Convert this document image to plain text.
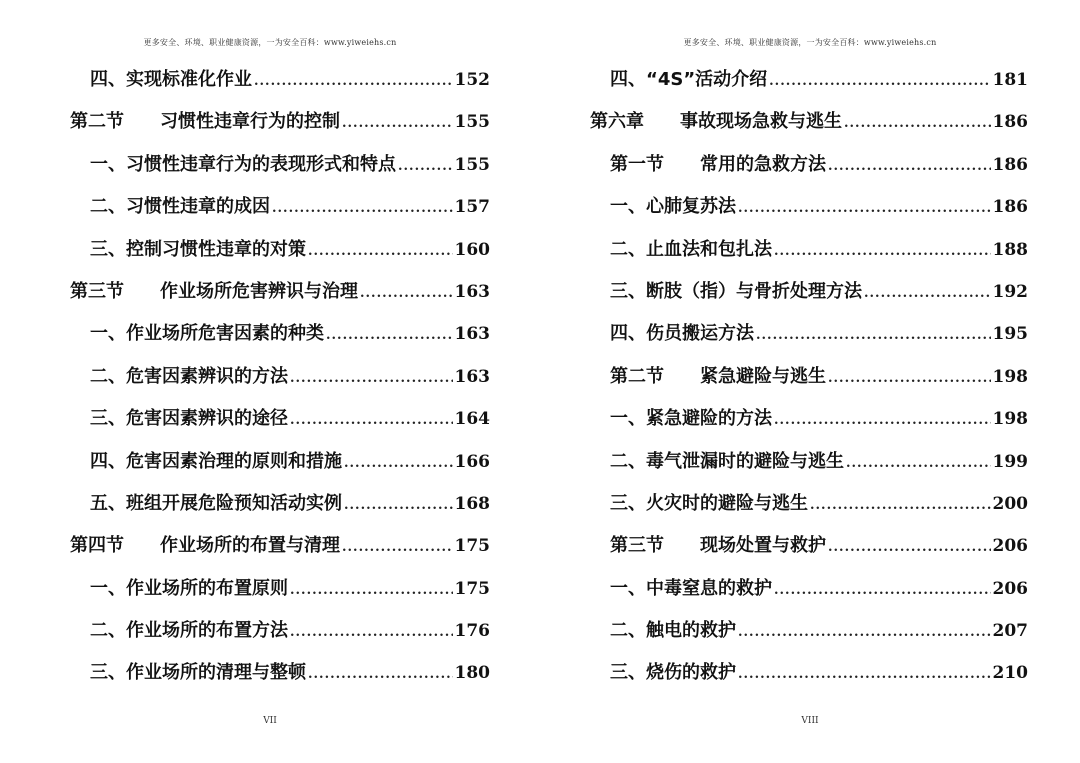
更多安全、环境、职业健康资源，一为安全百科：www.yiweiehs.cn
四、实现标准化作业 .....	152
第二节 习惯性违章行为的控制 .....	155
一、习惯性违章行为的表现形式和特点 .....	155
二、习惯性违章的成因 .....	157
三、控制习惯性违章的对策 .....	160
第三节 作业场所危害辨识与治理 .....	163
一、作业场所危害因素的种类 .....	163
二、危害因素辨识的方法 .....	163
三、危害因素辨识的途径 .....	164
四、危害因素治理的原则和措施 .....	166
五、班组开展危险预知活动实例 .....	168
第四节 作业场所的布置与清理 .....	175
一、作业场所的布置原则 .....	175
二、作业场所的布置方法 .....	176
三、作业场所的清理与整顿 .....	180
VII
更多安全、环境、职业健康资源，一为安全百科：www.yiweiehs.cn
四、“4S”活动介绍 .....	181
第六章 事故现场急救与逃生 .....	186
第一节 常用的急救方法 .....	186
一、心肺复苏法 .....	186
二、止血法和包扎法 .....	188
三、断肢（指）与骨折处理方法 .....	192
四、伤员搬运方法 .....	195
第二节 紧急避险与逃生 .....	198
一、紧急避险的方法 .....	198
二、毒气泄漏时的避险与逃生 .....	199
三、火灾时的避险与逃生 .....	200
第三节 现场处置与救护 .....	206
一、中毒窒息的救护 .....	206
二、触电的救护 .....	207
三、烧伤的救护 .....	210
VIII
